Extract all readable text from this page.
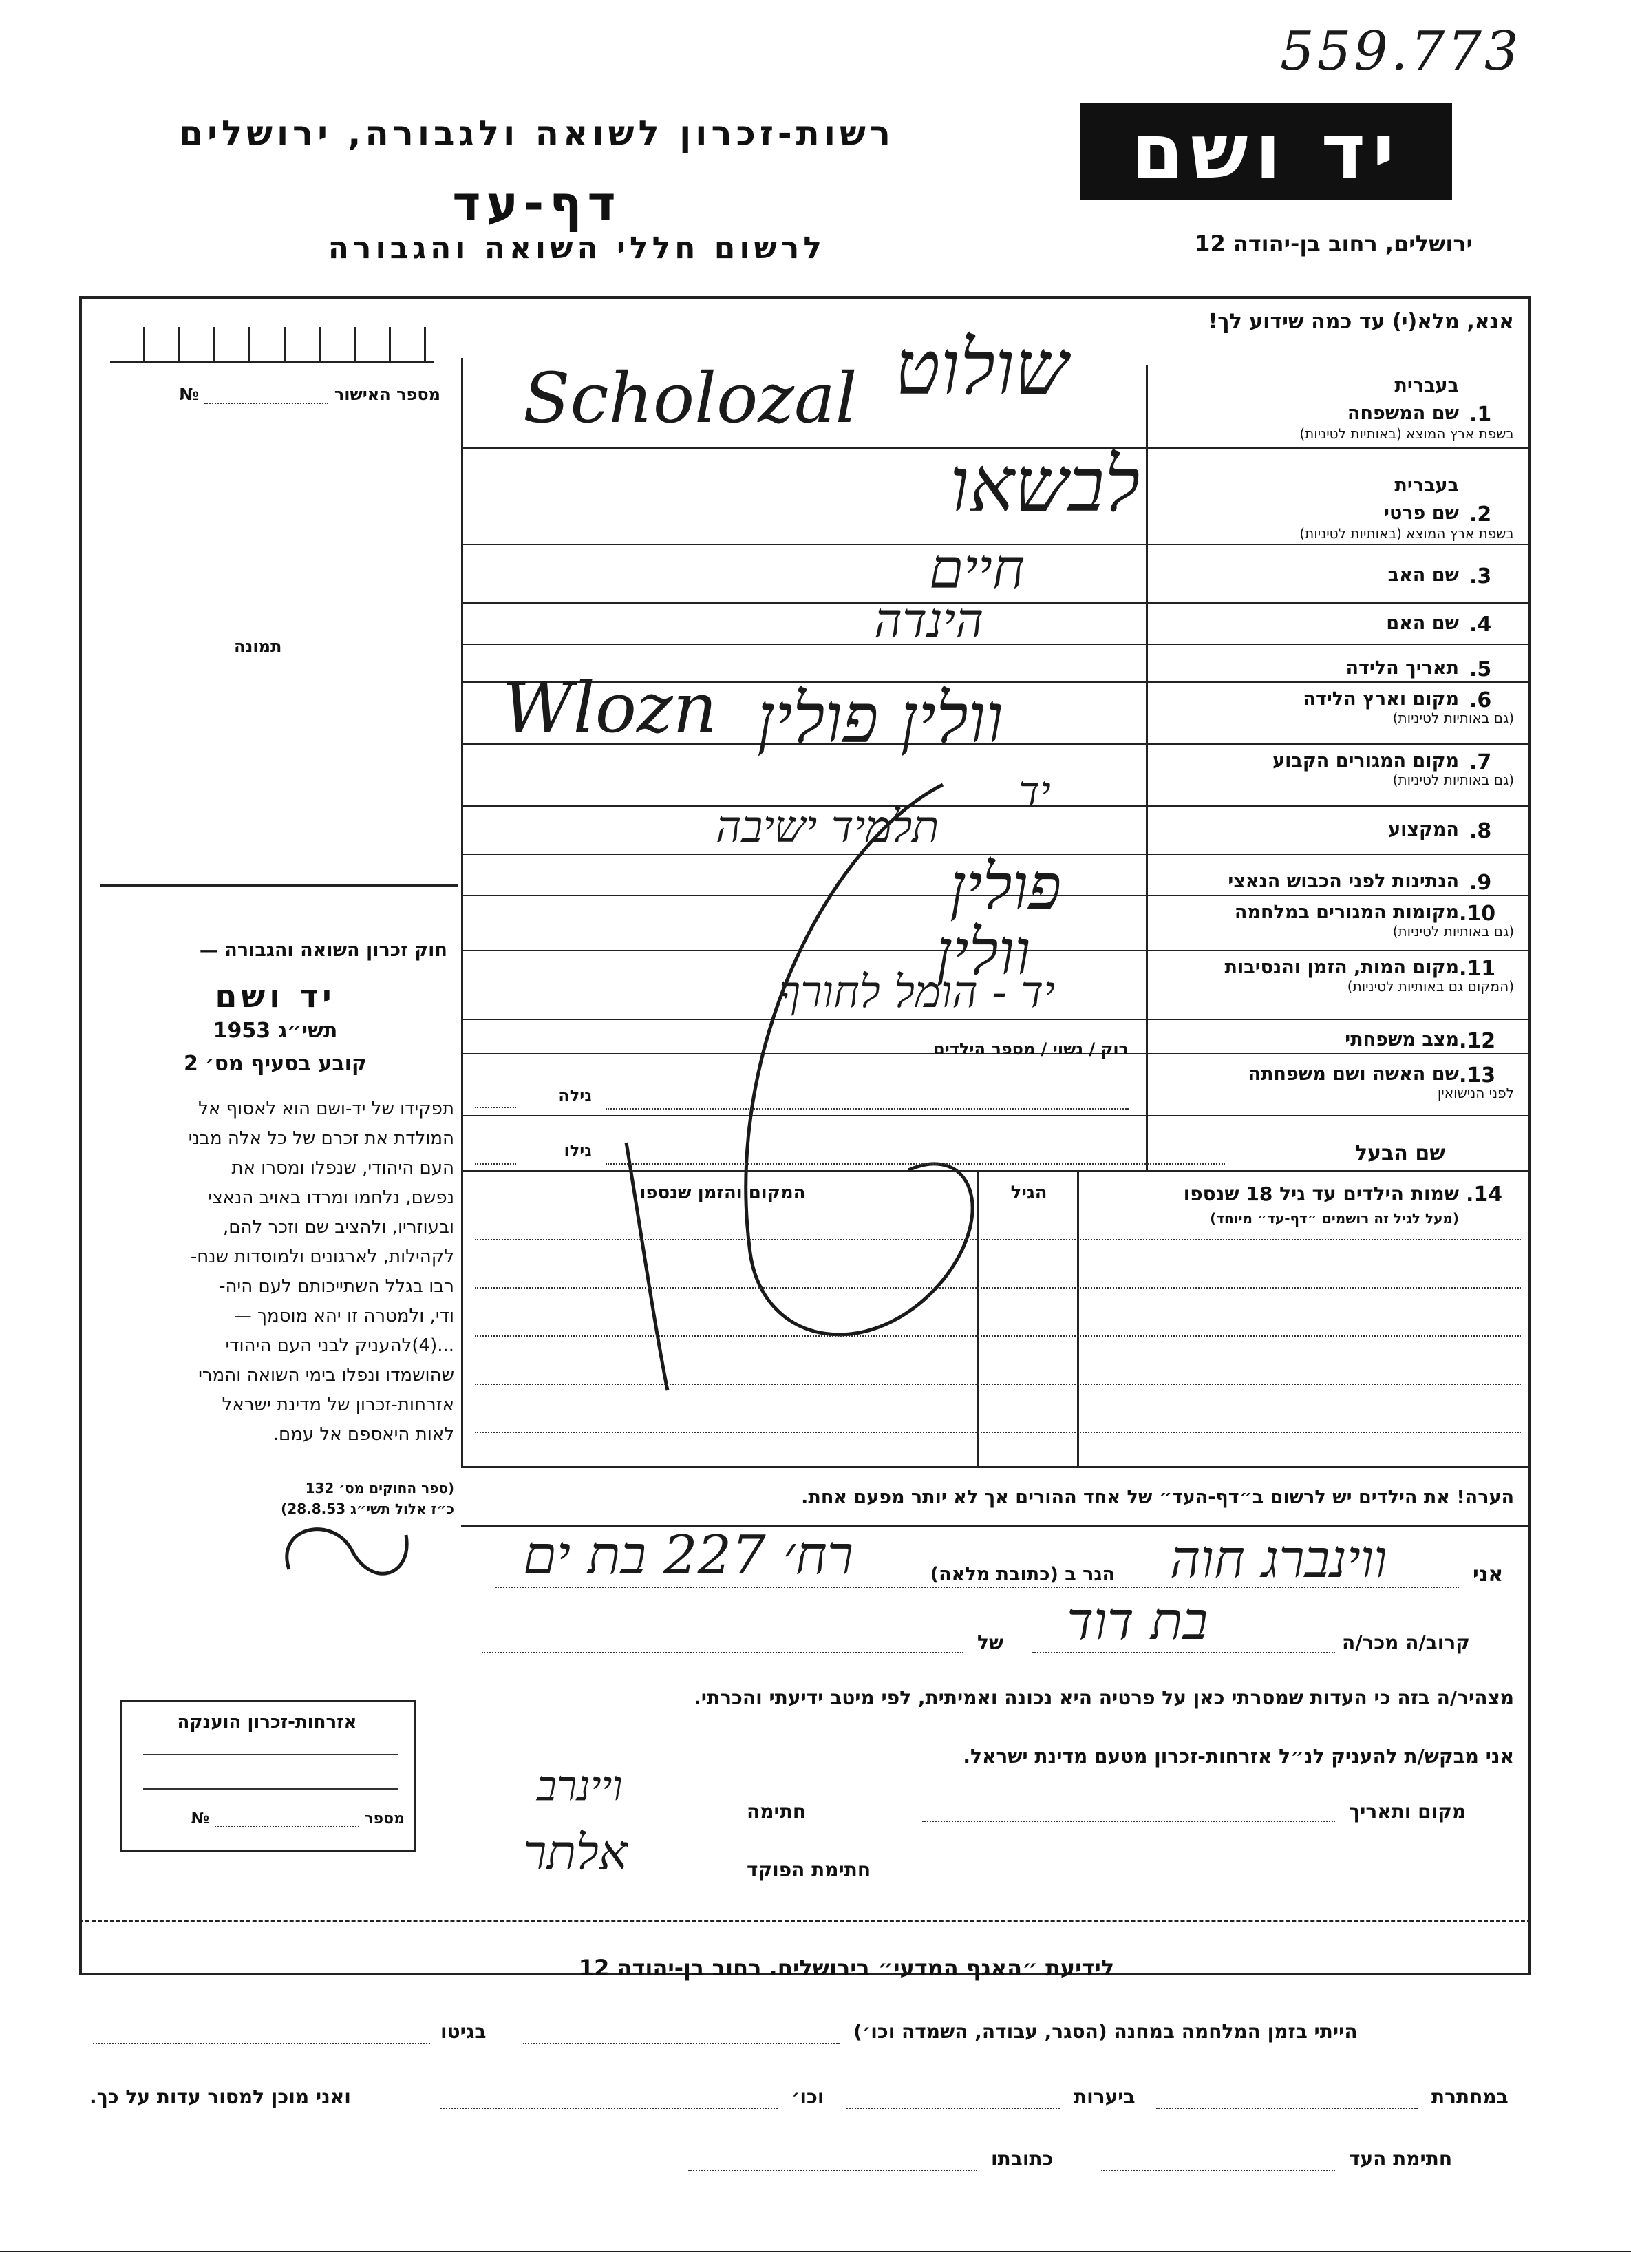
559.773
רשות-זכרון לשואה ולגבורה, ירושלים
דף-עד
לרשום חללי השואה והגבורה
יד ושם
ירושלים, רחוב בן-יהודה 12
אנא, מלא(י) עד כמה שידוע לך!
מספר האישור  №
תמונה
חוק זכרון השואה והגבורה —
יד ושם
תשי״ג 1953
קובע בסעיף מס׳ 2
תפקידו של יד-ושם הוא לאסוף אל
המולדת את זכרם של כל אלה מבני
העם היהודי, שנפלו ומסרו את
נפשם, נלחמו ומרדו באויב הנאצי
ובעוזריו, ולהציב שם וזכר להם,
לקהילות, לארגונים ולמוסדות שנח-
רבו בגלל השתייכותם לעם היה-
ודי, ולמטרה זו יהא מוסמך —
...(4)להעניק לבני העם היהודי
שהושמדו ונפלו בימי השואה והמרי
אזרחות-זכרון של מדינת ישראל
לאות היאספם אל עמם.
(ספר החוקים מס׳ 132
כ״ז אלול תשי״ג 28.8.53)
1.
בעברית
שם המשפחה
בשפת ארץ המוצא (באותיות לטיניות)
2.
בעברית
שם פרטי
בשפת ארץ המוצא (באותיות לטיניות)
3.
שם האב
4.
שם האם
5.
תאריך הלידה
6.
מקום וארץ הלידה
(גם באותיות לטיניות)
7.
מקום המגורים הקבוע
(גם באותיות לטיניות)
8.
המקצוע
9.
הנתינות לפני הכבוש הנאצי
10.
מקומות המגורים במלחמה
(גם באותיות לטיניות)
11.
מקום המות, הזמן והנסיבות
(המקום גם באותיות לטיניות)
12.
מצב משפחתי
13.
שם האשה ושם משפחתה
לפני הנישואין
שולוט
Scholozal
לבשאו
חיים
הינדה
וולין פולין
Wlozn
יד
תלמיד ישיבה
פולין
וולין
יד - הומל לחורף
רוק / נשוי / מספר הילדים
גילה
שם הבעל
גילו
14.
שמות הילדים עד גיל 18 שנספו
(מעל לגיל זה רושמים ״דף-עד״ מיוחד)
הגיל
המקום והזמן שנספו
הערה! את הילדים יש לרשום ב״דף-העד״ של אחד ההורים אך לא יותר מפעם אחת.
אני
ווינברג חוה
הגר ב (כתובת מלאה)
רח׳ 227 בת ים
קרוב/ה מכר/ה
בת דוד
של
מצהיר/ה בזה כי העדות שמסרתי כאן על פרטיה היא נכונה ואמיתית, לפי מיטב ידיעתי והכרתי.
אני מבקש/ת להעניק לנ״ל אזרחות-זכרון מטעם מדינת ישראל.
מקום ותאריך
חתימה
ויינרב
חתימת הפוקד
אלתר
אזרחות-זכרון הוענקה
מספר  №
לידיעת ״האגף המדעי״ בירושלים. רחוב בן-יהודה 12
הייתי בזמן המלחמה במחנה (הסגר, עבודה, השמדה וכו׳)
בגיטו
במחתרת
ביערות
וכו׳
ואני מוכן למסור עדות על כך.
חתימת העד
כתובתו
